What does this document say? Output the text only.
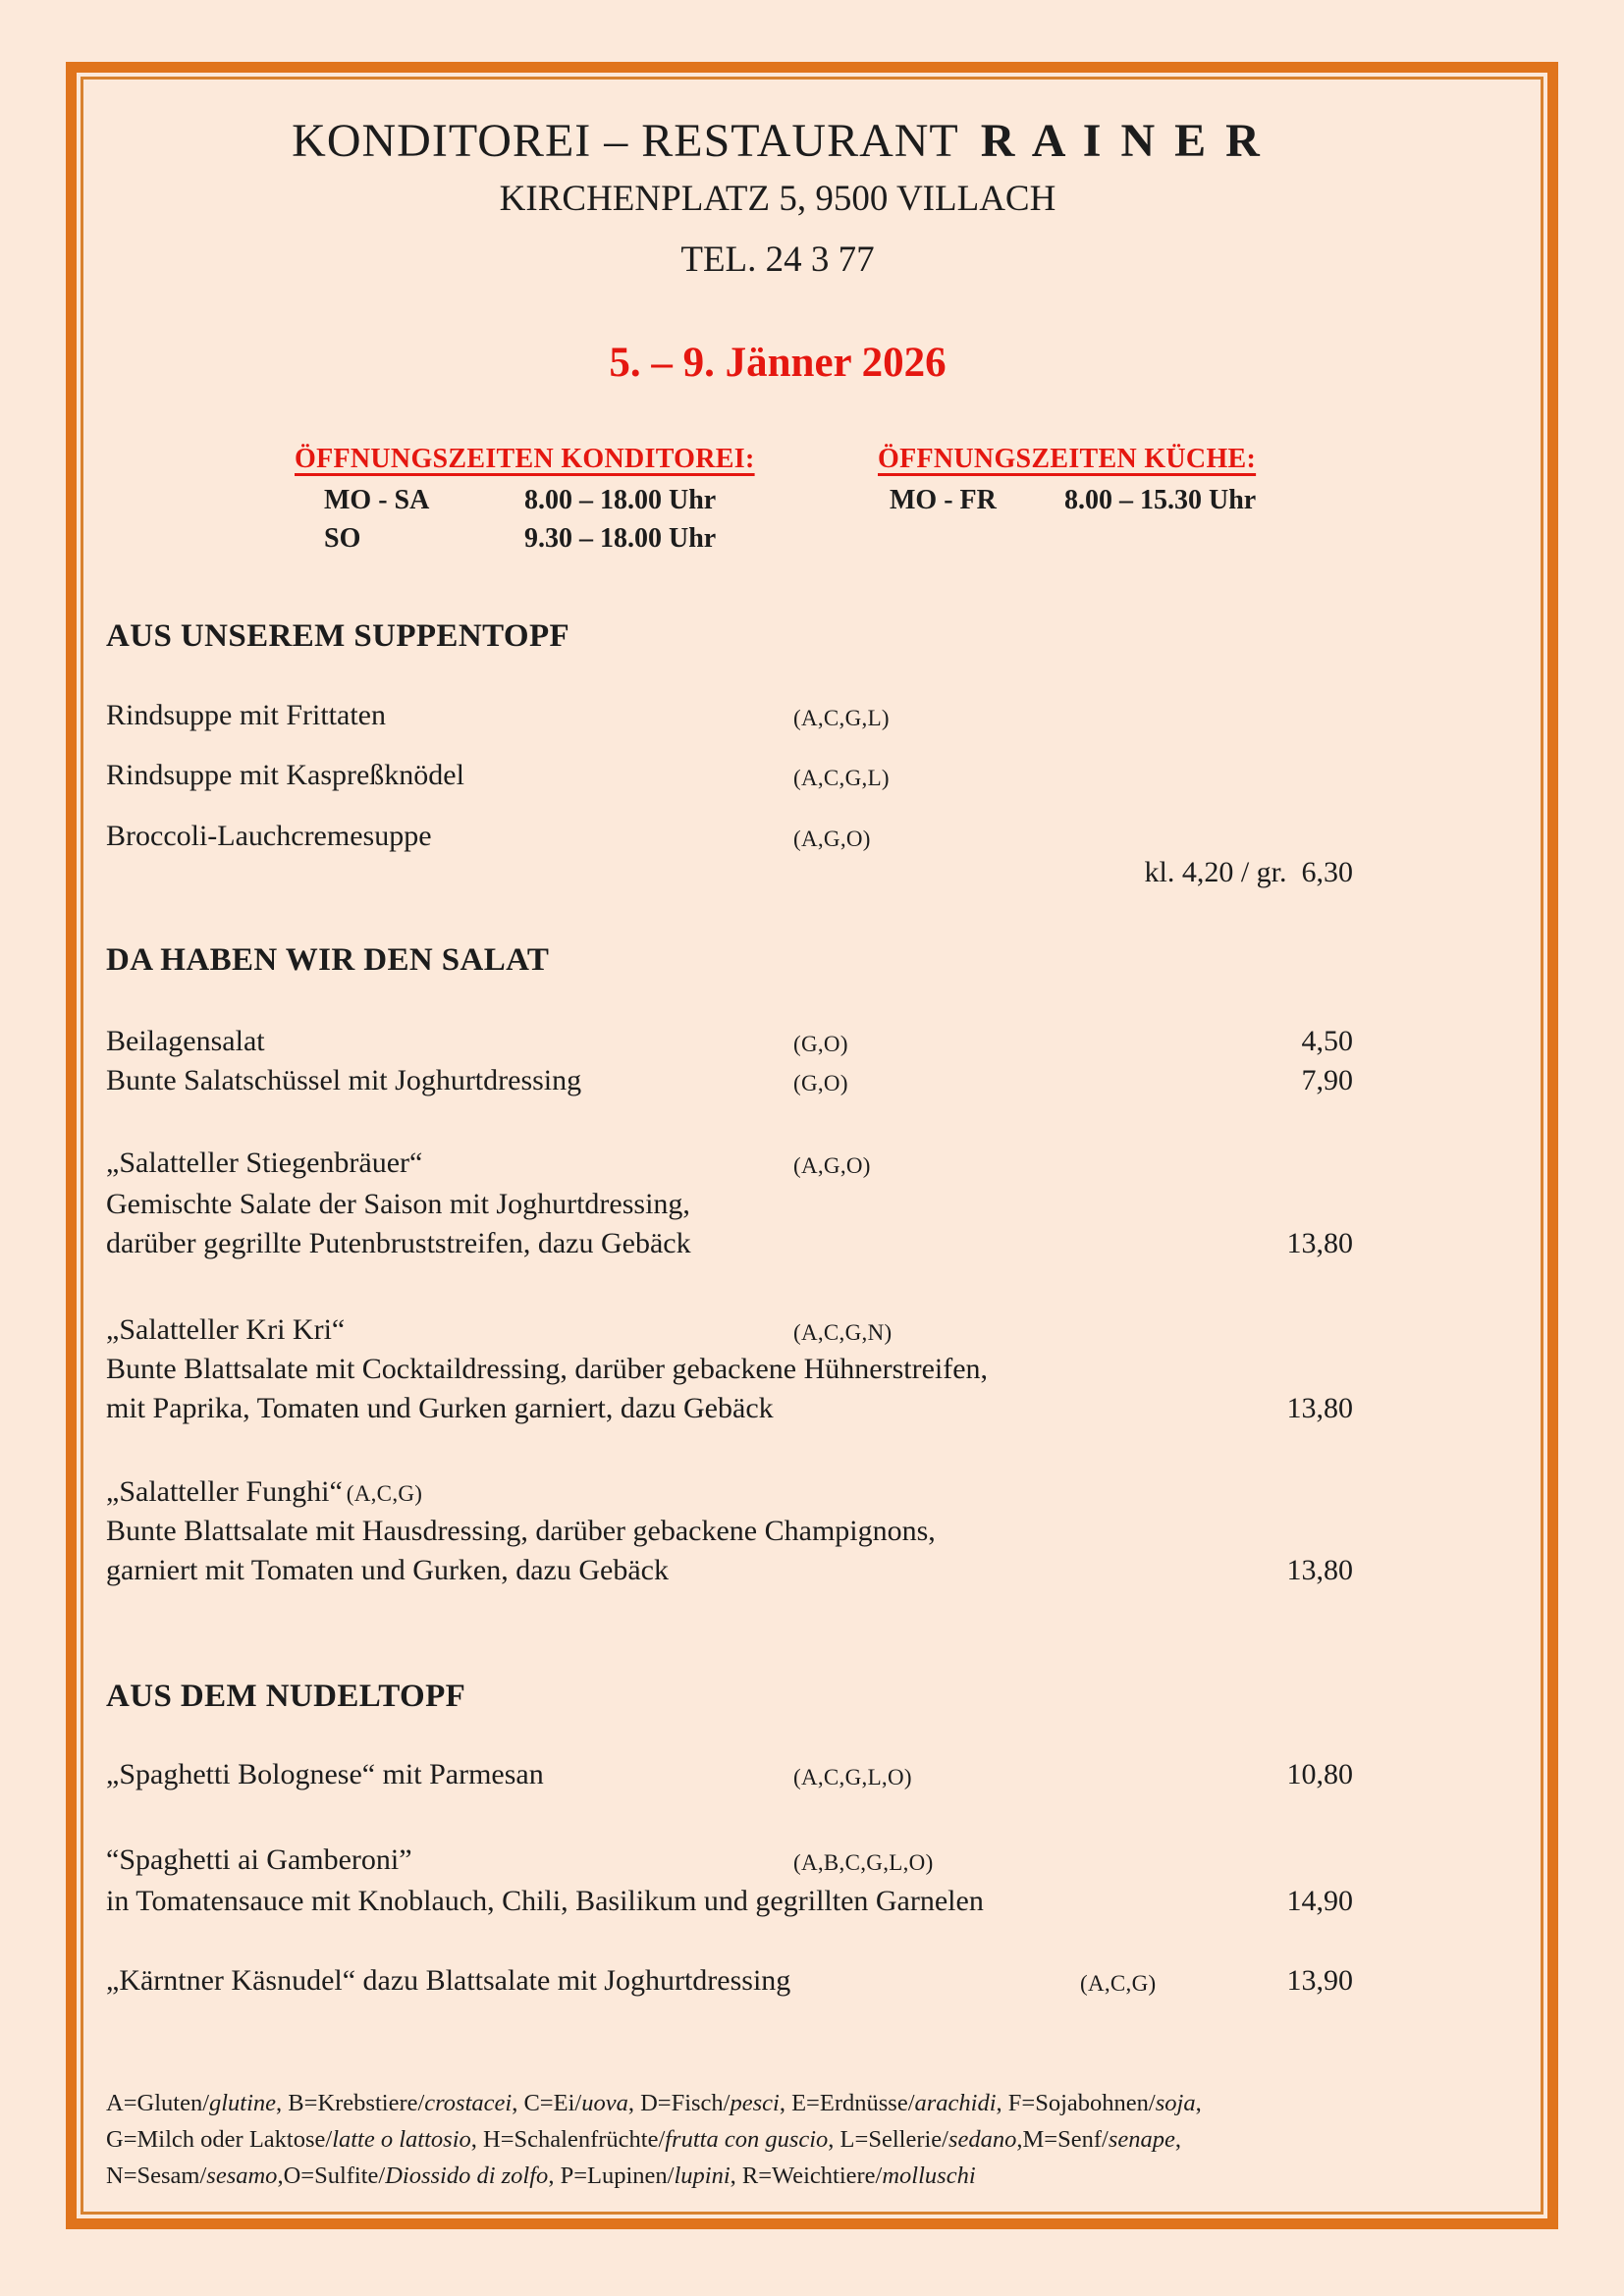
KONDITOREI – RESTAURANT R A I N E R
KIRCHENPLATZ 5, 9500 VILLACH
TEL. 24 3 77
5. – 9. Jänner 2026
ÖFFNUNGSZEITEN KONDITOREI:	ÖFFNUNGSZEITEN KÜCHE:
MO - SA	8.00 – 18.00 Uhr
SO	9.30 – 18.00 Uhr
MO - FR 8.00 – 15.30 Uhr
AUS UNSEREM SUPPENTOPF
Rindsuppe mit Frittaten	(A,C,G,L)
Rindsuppe mit Kaspreßknödel	(A,C,G,L)
Broccoli-Lauchcremesuppe	(A,G,O)
kl. 4,20 / gr.  6,30
DA HABEN WIR DEN SALAT
Beilagensalat	(G,O)	4,50
Bunte Salatschüssel mit Joghurtdressing	(G,O)	7,90
„Salatteller Stiegenbräuer“	(A,G,O)
Gemischte Salate der Saison mit Joghurtdressing,
darüber gegrillte Putenbruststreifen, dazu Gebäck	13,80
„Salatteller Kri Kri“	(A,C,G,N)
Bunte Blattsalate mit Cocktaildressing, darüber gebackene Hühnerstreifen,
mit Paprika, Tomaten und Gurken garniert, dazu Gebäck	13,80
„Salatteller Funghi“ (A,C,G)
Bunte Blattsalate mit Hausdressing, darüber gebackene Champignons,
garniert mit Tomaten und Gurken, dazu Gebäck	13,80
AUS DEM NUDELTOPF
„Spaghetti Bolognese“ mit Parmesan	(A,C,G,L,O)	10,80
“Spaghetti ai Gamberoni”	(A,B,C,G,L,O)
in Tomatensauce mit Knoblauch, Chili, Basilikum und gegrillten Garnelen	14,90
„Kärntner Käsnudel“ dazu Blattsalate mit Joghurtdressing	(A,C,G)	13,90
A=Gluten/glutine, B=Krebstiere/crostacei, C=Ei/uova, D=Fisch/pesci, E=Erdnüsse/arachidi, F=Sojabohnen/soja,
G=Milch oder Laktose/latte o lattosio, H=Schalenfrüchte/frutta con guscio, L=Sellerie/sedano,M=Senf/senape,
N=Sesam/sesamo,O=Sulfite/Diossido di zolfo, P=Lupinen/lupini, R=Weichtiere/molluschi
